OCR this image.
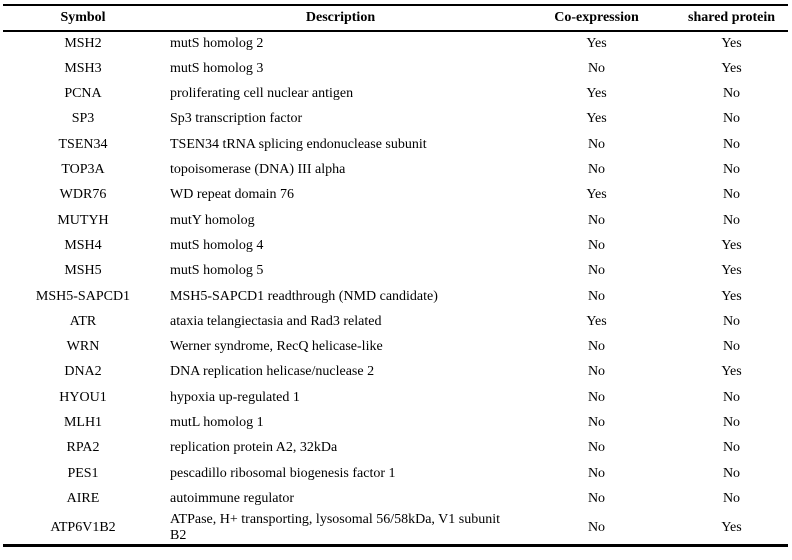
Symbol	Description	Co-expression	shared protein
MSH2	mutS homolog 2	Yes	Yes
MSH3	mutS homolog 3	No	Yes
PCNA	proliferating cell nuclear antigen	Yes	No
SP3	Sp3 transcription factor	Yes	No
TSEN34	TSEN34 tRNA splicing endonuclease subunit	No	No
TOP3A	topoisomerase (DNA) III alpha	No	No
WDR76	WD repeat domain 76	Yes	No
MUTYH	mutY homolog	No	No
MSH4	mutS homolog 4	No	Yes
MSH5	mutS homolog 5	No	Yes
MSH5-SAPCD1	MSH5-SAPCD1 readthrough (NMD candidate)	No	Yes
ATR	ataxia telangiectasia and Rad3 related	Yes	No
WRN	Werner syndrome, RecQ helicase-like	No	No
DNA2	DNA replication helicase/nuclease 2	No	Yes
HYOU1	hypoxia up-regulated 1	No	No
MLH1	mutL homolog 1	No	No
RPA2	replication protein A2, 32kDa	No	No
PES1	pescadillo ribosomal biogenesis factor 1	No	No
AIRE	autoimmune regulator	No	No
ATP6V1B2	ATPase, H+ transporting, lysosomal 56/58kDa, V1 subunit B2	No	Yes
